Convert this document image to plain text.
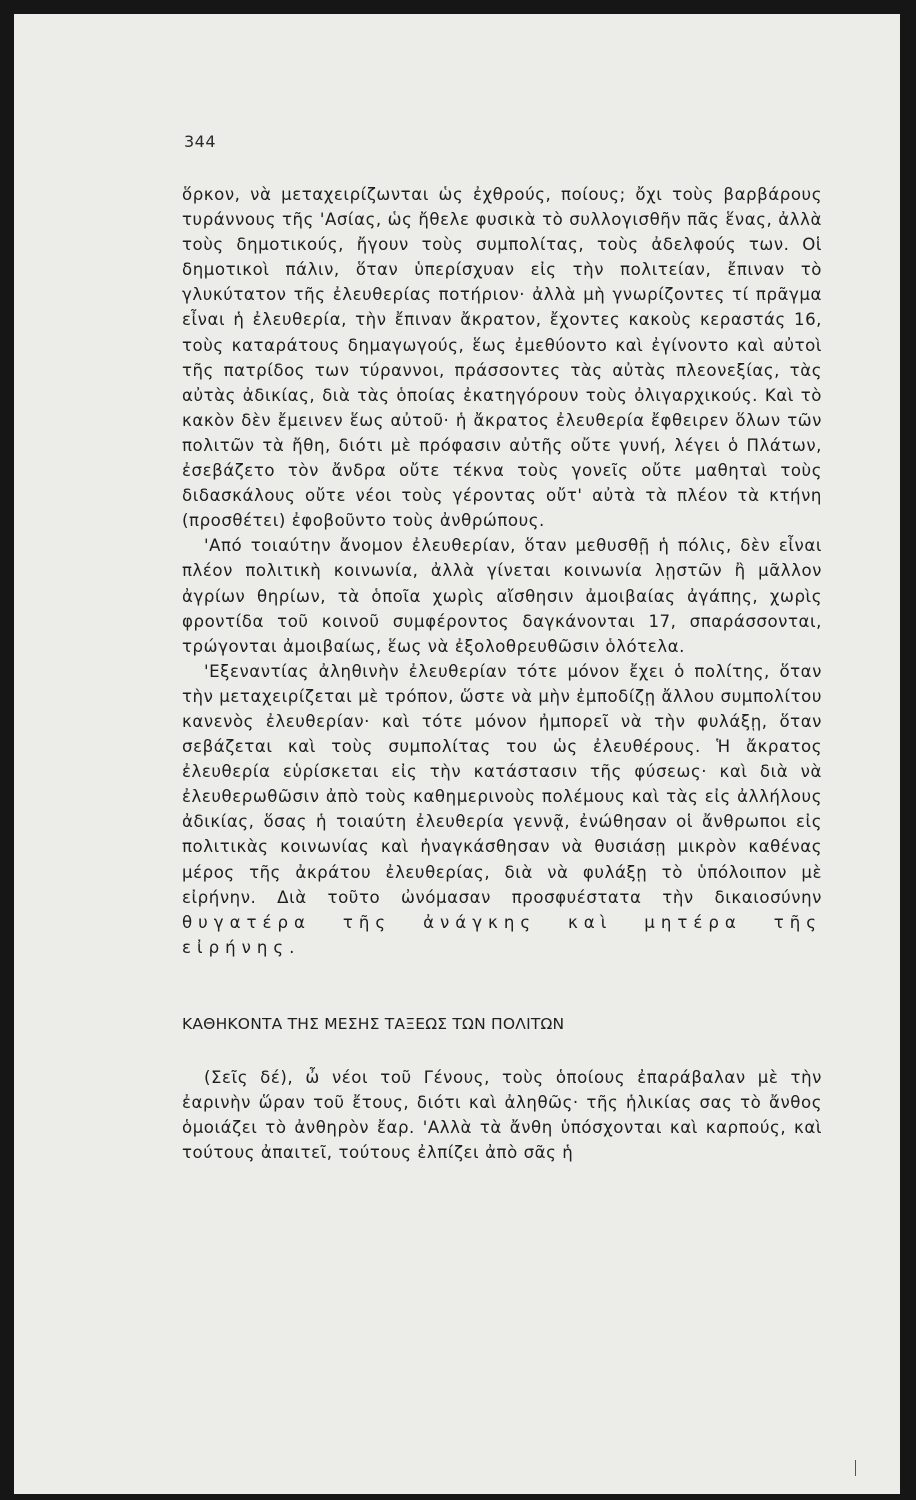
344

ὅρκον, νὰ μεταχειρίζωνται ὡς ἐχθρούς, ποίους; ὄχι τοὺς βαρβάρους τυράννους τῆς 'Ασίας, ὡς ἤθελε φυσικὰ τὸ συλλογισθῆν πᾶς ἕνας, ἀλλὰ τοὺς δημοτικούς, ἤγουν τοὺς συμπολίτας, τοὺς ἀδελφούς των. Οἱ δημοτικοὶ πάλιν, ὅταν ὑπερίσχυαν εἰς τὴν πολιτείαν, ἔπιναν τὸ γλυκύτατον τῆς ἐλευθερίας ποτήριον· ἀλλὰ μὴ γνωρίζοντες τί πρᾶγμα εἶναι ἡ ἐλευθερία, τὴν ἔπιναν ἄκρατον, ἔχοντες κακοὺς κεραστάς 16, τοὺς καταράτους δημαγωγούς, ἕως ἐμεθύοντο καὶ ἐγίνοντο καὶ αὐτοὶ τῆς πατρίδος των τύραννοι, πράσσοντες τὰς αὐτὰς πλεονεξίας, τὰς αὐτὰς ἀδικίας, διὰ τὰς ὁποίας ἐκατηγόρουν τοὺς ὀλιγαρχικούς. Καὶ τὸ κακὸν δὲν ἔμεινεν ἕως αὐτοῦ· ἡ ἄκρατος ἐλευθερία ἔφθειρεν ὅλων τῶν πολιτῶν τὰ ἤθη, διότι μὲ πρόφασιν αὐτῆς οὔτε γυνή, λέγει ὁ Πλάτων, ἐσεβάζετο τὸν ἄνδρα οὔτε τέκνα τοὺς γονεῖς οὔτε μαθηταὶ τοὺς διδασκάλους οὔτε νέοι τοὺς γέροντας οὔτ' αὐτὰ τὰ πλέον τὰ κτήνη (προσθέτει) ἐφοβοῦντο τοὺς ἀνθρώπους.

'Από τοιαύτην ἄνομον ἐλευθερίαν, ὅταν μεθυσθῇ ἡ πόλις, δὲν εἶναι πλέον πολιτικὴ κοινωνία, ἀλλὰ γίνεται κοινωνία λῃστῶν ἢ μᾶλλον ἀγρίων θηρίων, τὰ ὁποῖα χωρὶς αἴσθησιν ἀμοιβαίας ἀγάπης, χωρὶς φροντίδα τοῦ κοινοῦ συμφέροντος δαγκάνονται 17, σπαράσσονται, τρώγονται ἀμοιβαίως, ἕως νὰ ἐξολοθρευθῶσιν ὁλότελα.

'Εξεναντίας ἀληθινὴν ἐλευθερίαν τότε μόνον ἔχει ὁ πολίτης, ὅταν τὴν μεταχειρίζεται μὲ τρόπον, ὥστε νὰ μὴν ἐμποδίζῃ ἄλλου συμπολίτου κανενὸς ἐλευθερίαν· καὶ τότε μόνον ἠμπορεῖ νὰ τὴν φυλάξῃ, ὅταν σεβάζεται καὶ τοὺς συμπολίτας του ὡς ἐλευθέρους. Ἡ ἄκρατος ἐλευθερία εὑρίσκεται εἰς τὴν κατάστασιν τῆς φύσεως· καὶ διὰ νὰ ἐλευθερωθῶσιν ἀπὸ τοὺς καθημερινοὺς πολέμους καὶ τὰς εἰς ἀλλήλους ἀδικίας, ὅσας ἡ τοιαύτη ἐλευθερία γεννᾷ, ἐνώθησαν οἱ ἄνθρωποι εἰς πολιτικὰς κοινωνίας καὶ ἠναγκάσθησαν νὰ θυσιάσῃ μικρὸν καθένας μέρος τῆς ἀκράτου ἐλευθερίας, διὰ νὰ φυλάξῃ τὸ ὑπόλοιπον μὲ εἰρήνην. Διὰ τοῦτο ὠνόμασαν προσφυέστατα τὴν δικαιοσύνην θυγατέρα τῆς ἀνάγκης καὶ μητέρα τῆς εἰρήνης.

ΚΑΘΗΚΟΝΤΑ ΤΗΣ ΜΕΣΗΣ ΤΑΞΕΩΣ ΤΩΝ ΠΟΛΙΤΩΝ

(Σεῖς δέ), ὦ νέοι τοῦ Γένους, τοὺς ὁποίους ἐπαράβαλαν μὲ τὴν ἐαρινὴν ὥραν τοῦ ἔτους, διότι καὶ ἀληθῶς· τῆς ἡλικίας σας τὸ ἄνθος ὁμοιάζει τὸ ἀνθηρὸν ἔαρ. 'Αλλὰ τὰ ἄνθη ὑπόσχονται καὶ καρπούς, καὶ τούτους ἀπαιτεῖ, τούτους ἐλπίζει ἀπὸ σᾶς ἡ
